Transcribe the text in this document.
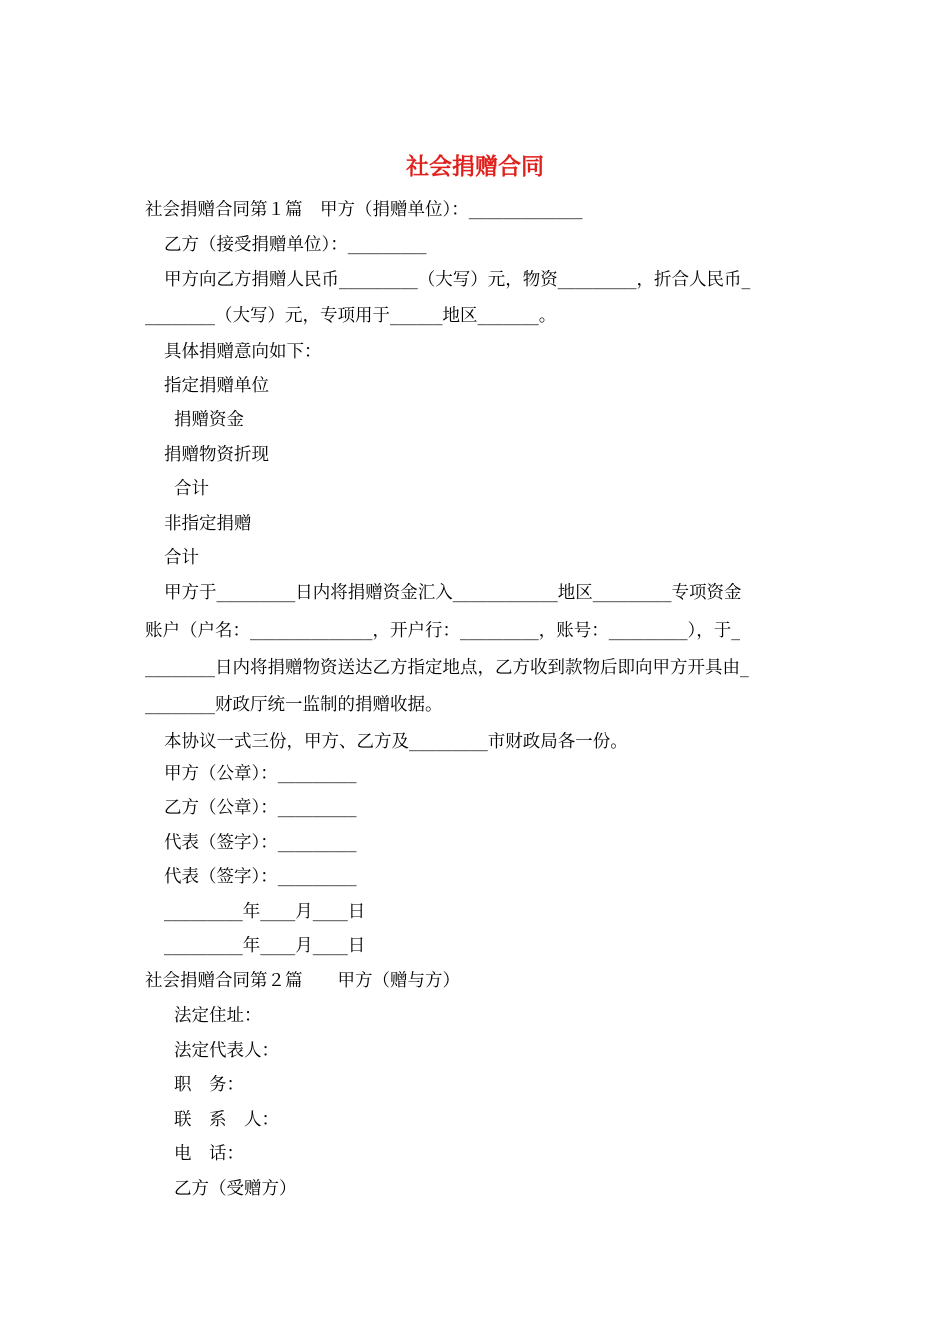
社会捐赠合同
社会捐赠合同第１篇　甲方（捐赠单位）：_____________
乙方（接受捐赠单位）：_________
甲方向乙方捐赠人民币_________（大写）元，物资_________，折合人民币_
________（大写）元，专项用于______地区_______。
具体捐赠意向如下：
指定捐赠单位
捐赠资金
捐赠物资折现
合计
非指定捐赠
合计
甲方于_________日内将捐赠资金汇入____________地区_________专项资金
账户（户名：______________，开户行：_________，账号：_________），于_
________日内将捐赠物资送达乙方指定地点，乙方收到款物后即向甲方开具由_
________财政厅统一监制的捐赠收据。
本协议一式三份，甲方、乙方及_________市财政局各一份。
甲方（公章）：_________
乙方（公章）：_________
代表（签字）：_________
代表（签字）：_________
_________年____月____日
_________年____月____日
社会捐赠合同第２篇　　甲方（赠与方）
法定住址：
法定代表人：
职　务：
联　系　人：
电　话：
乙方（受赠方）
